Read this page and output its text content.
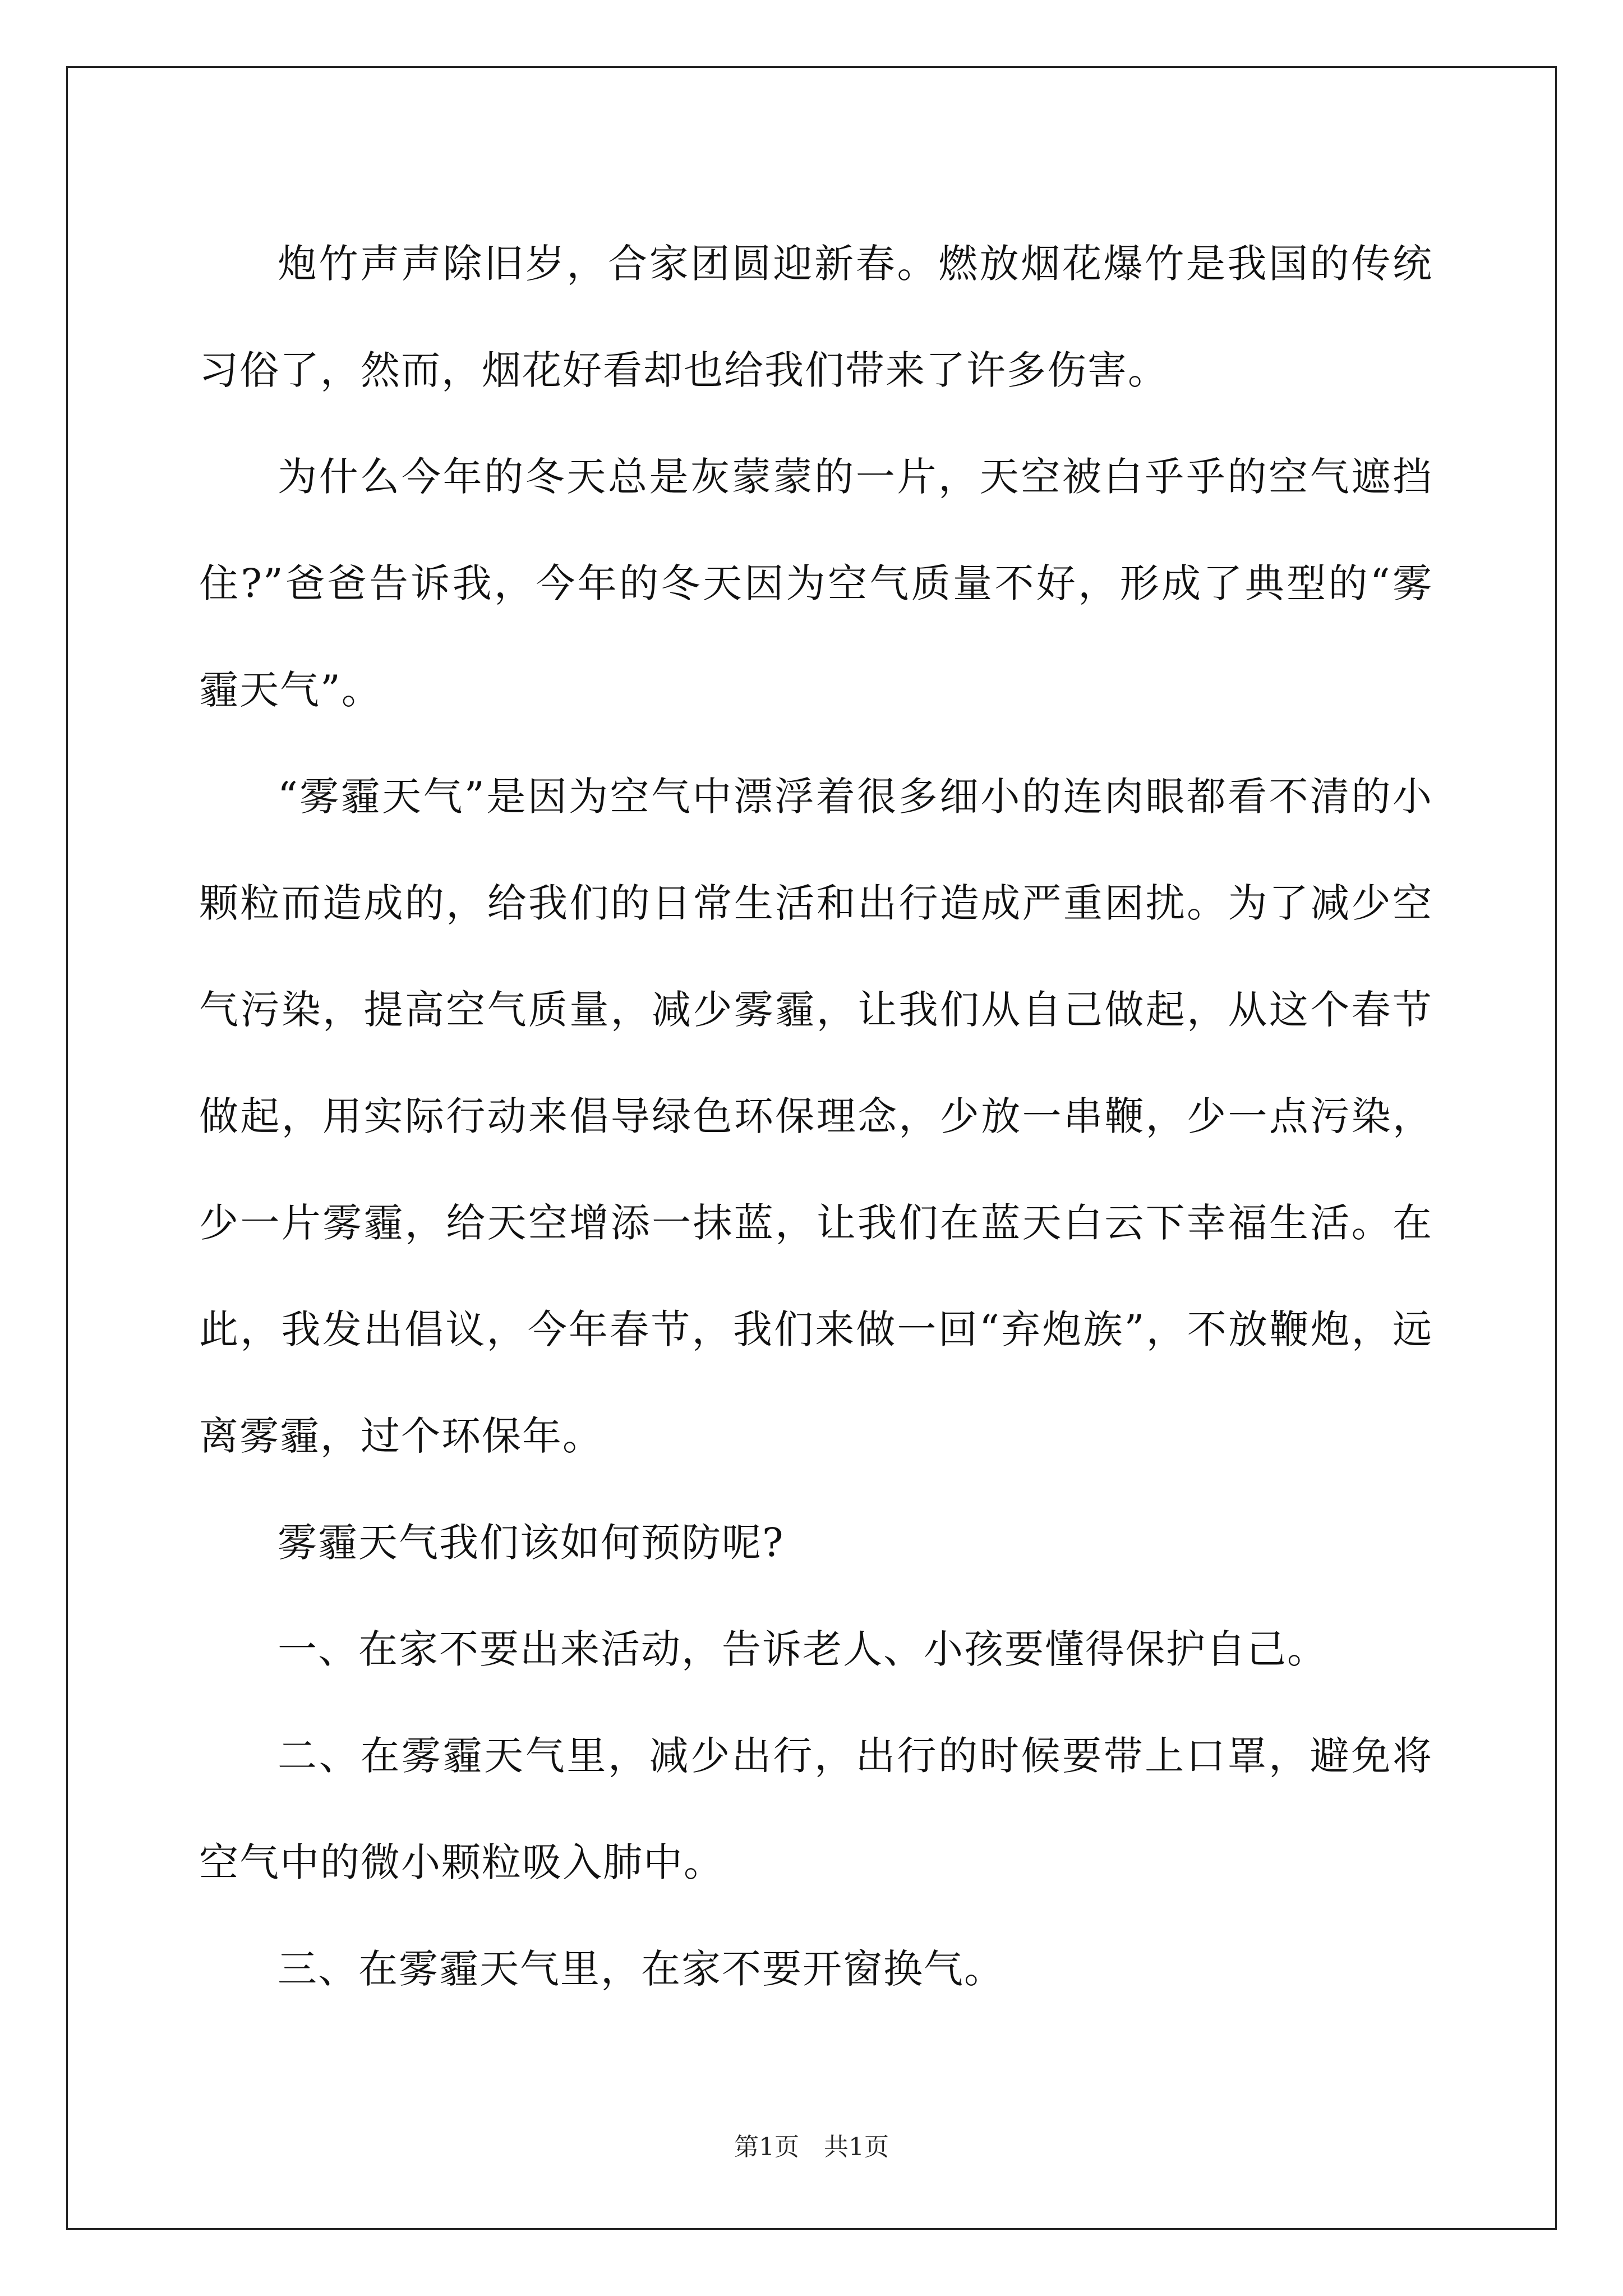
炮竹声声除旧岁，合家团圆迎新春。燃放烟花爆竹是我国的传统习俗了，然而，烟花好看却也给我们带来了许多伤害。

为什么今年的冬天总是灰蒙蒙的一片，天空被白乎乎的空气遮挡住?”爸爸告诉我，今年的冬天因为空气质量不好，形成了典型的“雾霾天气”。

“雾霾天气”是因为空气中漂浮着很多细小的连肉眼都看不清的小颗粒而造成的，给我们的日常生活和出行造成严重困扰。为了减少空气污染，提高空气质量，减少雾霾，让我们从自己做起，从这个春节做起，用实际行动来倡导绿色环保理念，少放一串鞭，少一点污染，少一片雾霾，给天空增添一抹蓝，让我们在蓝天白云下幸福生活。在此，我发出倡议，今年春节，我们来做一回“弃炮族”，不放鞭炮，远离雾霾，过个环保年。

雾霾天气我们该如何预防呢?

一、在家不要出来活动，告诉老人、小孩要懂得保护自己。

二、在雾霾天气里，减少出行，出行的时候要带上口罩，避免将空气中的微小颗粒吸入肺中。

三、在雾霾天气里，在家不要开窗换气。

第1页　共1页
